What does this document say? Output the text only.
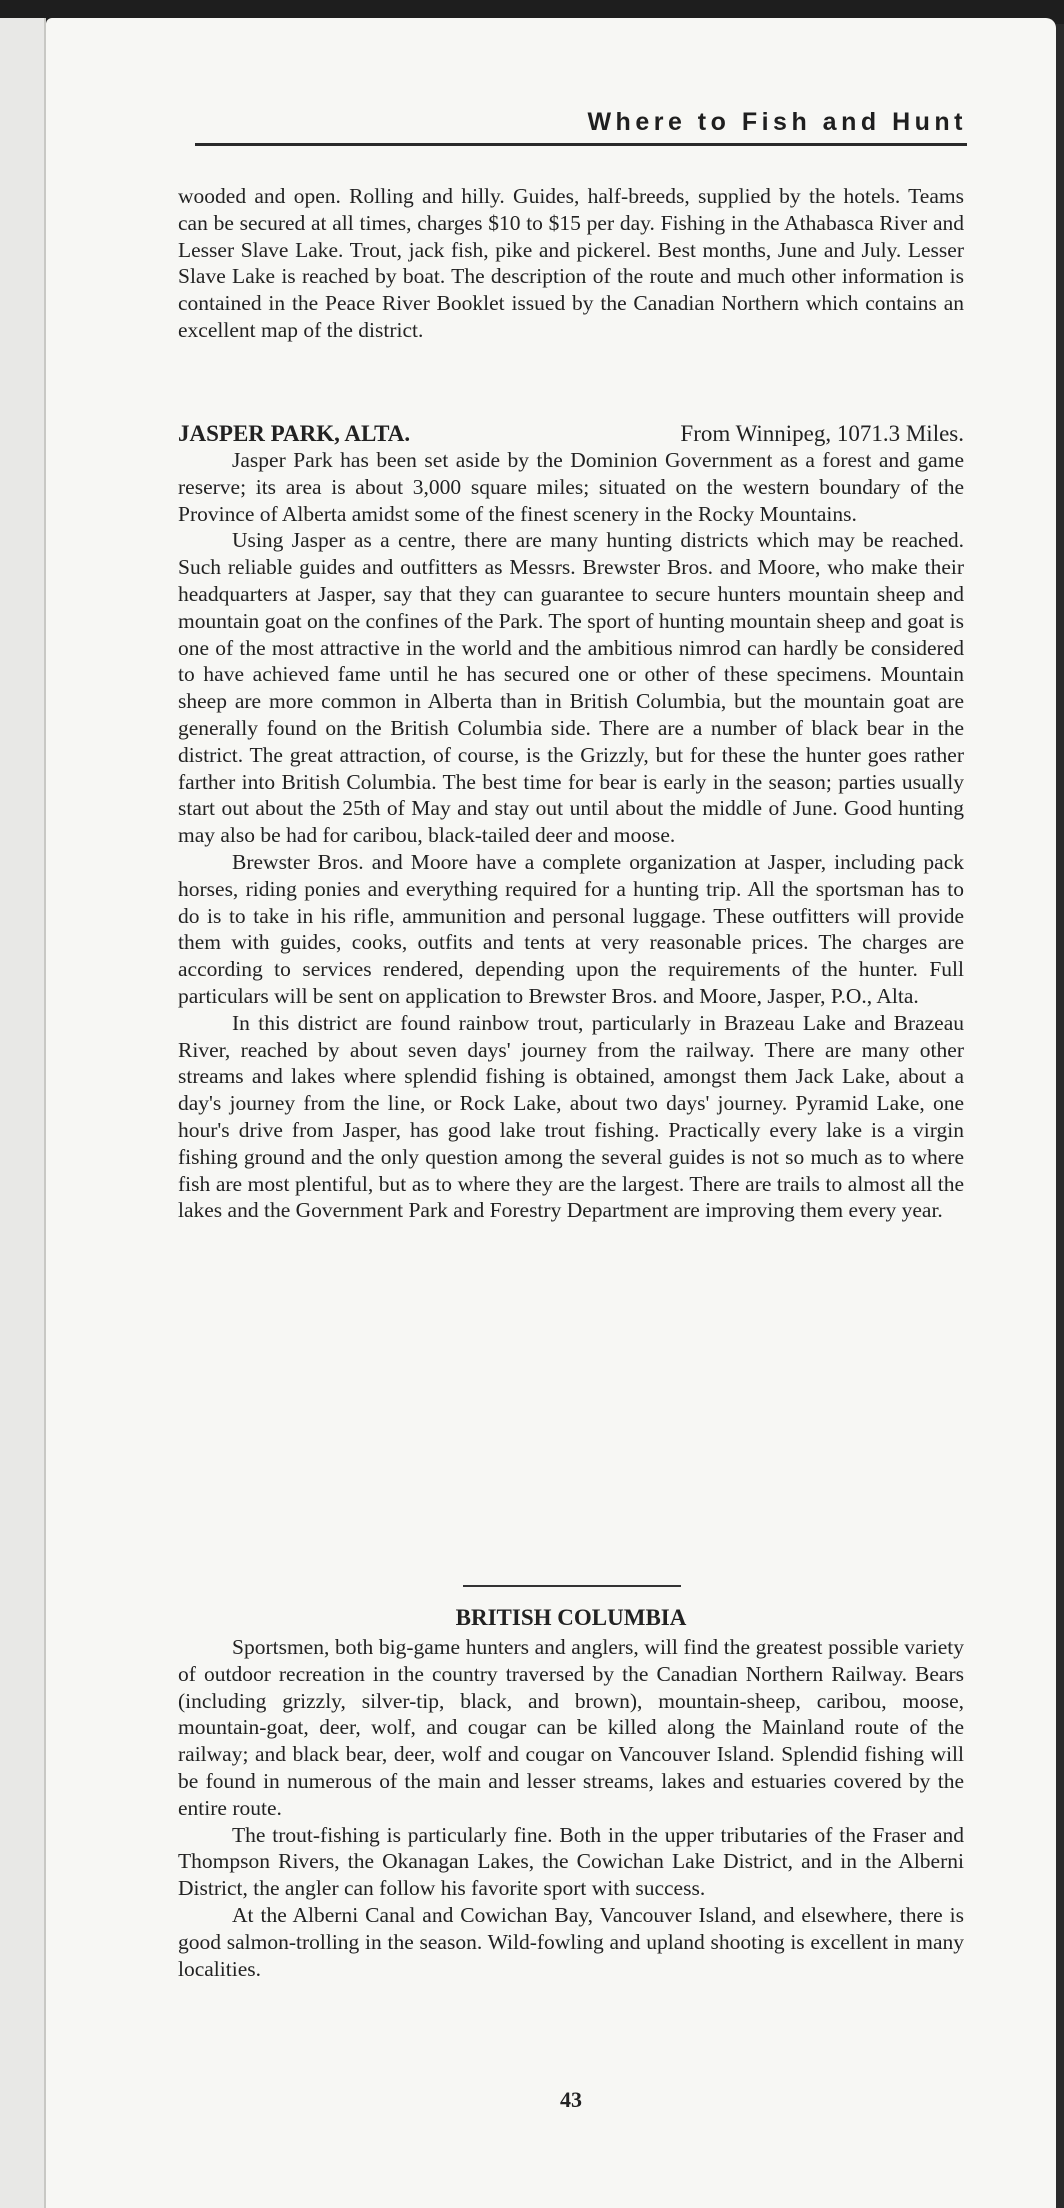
Where to Fish and Hunt

wooded and open. Rolling and hilly. Guides, half-breeds, supplied by the hotels. Teams can be secured at all times, charges $10 to $15 per day. Fishing in the Athabasca River and Lesser Slave Lake. Trout, jack fish, pike and pickerel. Best months, June and July. Lesser Slave Lake is reached by boat. The description of the route and much other information is contained in the Peace River Booklet issued by the Canadian Northern which contains an excellent map of the district.

JASPER PARK, ALTA.	From Winnipeg, 1071.3 Miles.

Jasper Park has been set aside by the Dominion Government as a forest and game reserve; its area is about 3,000 square miles; situated on the western boundary of the Province of Alberta amidst some of the finest scenery in the Rocky Mountains.

Using Jasper as a centre, there are many hunting districts which may be reached. Such reliable guides and outfitters as Messrs. Brewster Bros. and Moore, who make their headquarters at Jasper, say that they can guarantee to secure hunters mountain sheep and mountain goat on the confines of the Park. The sport of hunting mountain sheep and goat is one of the most attractive in the world and the ambitious nimrod can hardly be considered to have achieved fame until he has secured one or other of these specimens. Mountain sheep are more common in Alberta than in British Columbia, but the mountain goat are generally found on the British Columbia side. There are a number of black bear in the district. The great attraction, of course, is the Grizzly, but for these the hunter goes rather farther into British Columbia. The best time for bear is early in the season; parties usually start out about the 25th of May and stay out until about the middle of June. Good hunting may also be had for caribou, black-tailed deer and moose.

Brewster Bros. and Moore have a complete organization at Jasper, including pack horses, riding ponies and everything required for a hunting trip. All the sportsman has to do is to take in his rifle, ammunition and personal luggage. These outfitters will provide them with guides, cooks, outfits and tents at very reasonable prices. The charges are according to services rendered, depending upon the requirements of the hunter. Full particulars will be sent on application to Brewster Bros. and Moore, Jasper, P.O., Alta.

In this district are found rainbow trout, particularly in Brazeau Lake and Brazeau River, reached by about seven days' journey from the railway. There are many other streams and lakes where splendid fishing is obtained, amongst them Jack Lake, about a day's journey from the line, or Rock Lake, about two days' journey. Pyramid Lake, one hour's drive from Jasper, has good lake trout fishing. Practically every lake is a virgin fishing ground and the only question among the several guides is not so much as to where fish are most plentiful, but as to where they are the largest. There are trails to almost all the lakes and the Government Park and Forestry Department are improving them every year.

BRITISH COLUMBIA

Sportsmen, both big-game hunters and anglers, will find the greatest possible variety of outdoor recreation in the country traversed by the Canadian Northern Railway. Bears (including grizzly, silver-tip, black, and brown), mountain-sheep, caribou, moose, mountain-goat, deer, wolf, and cougar can be killed along the Mainland route of the railway; and black bear, deer, wolf and cougar on Vancouver Island. Splendid fishing will be found in numerous of the main and lesser streams, lakes and estuaries covered by the entire route.

The trout-fishing is particularly fine. Both in the upper tributaries of the Fraser and Thompson Rivers, the Okanagan Lakes, the Cowichan Lake District, and in the Alberni District, the angler can follow his favorite sport with success.

At the Alberni Canal and Cowichan Bay, Vancouver Island, and elsewhere, there is good salmon-trolling in the season. Wild-fowling and upland shooting is excellent in many localities.

43
